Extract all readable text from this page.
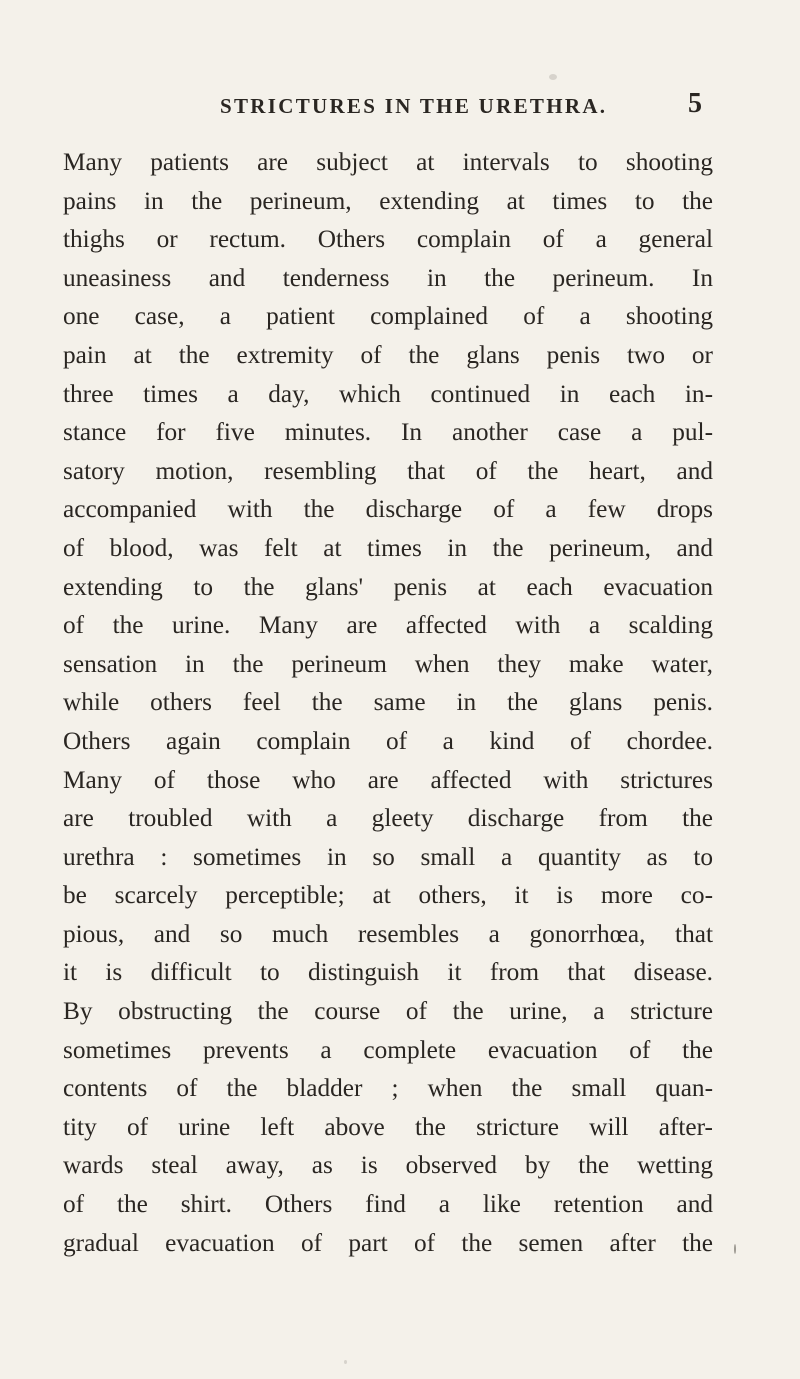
STRICTURES IN THE URETHRA.	5
Many patients are subject at intervals to shooting
pains in the perineum, extending at times to the
thighs or rectum. Others complain of a general
uneasiness and tenderness in the perineum. In
one case, a patient complained of a shooting
pain at the extremity of the glans penis two or
three times a day, which continued in each in-
stance for five minutes. In another case a pul-
satory motion, resembling that of the heart, and
accompanied with the discharge of a few drops
of blood, was felt at times in the perineum, and
extending to the glans' penis at each evacuation
of the urine. Many are affected with a scalding
sensation in the perineum when they make water,
while others feel the same in the glans penis.
Others again complain of a kind of chordee.
Many of those who are affected with strictures
are troubled with a gleety discharge from the
urethra : sometimes in so small a quantity as to
be scarcely perceptible; at others, it is more co-
pious, and so much resembles a gonorrhœa, that
it is difficult to distinguish it from that disease.
By obstructing the course of the urine, a stricture
sometimes prevents a complete evacuation of the
contents of the bladder ; when the small quan-
tity of urine left above the stricture will after-
wards steal away, as is observed by the wetting
of the shirt. Others find a like retention and
gradual evacuation of part of the semen after the
